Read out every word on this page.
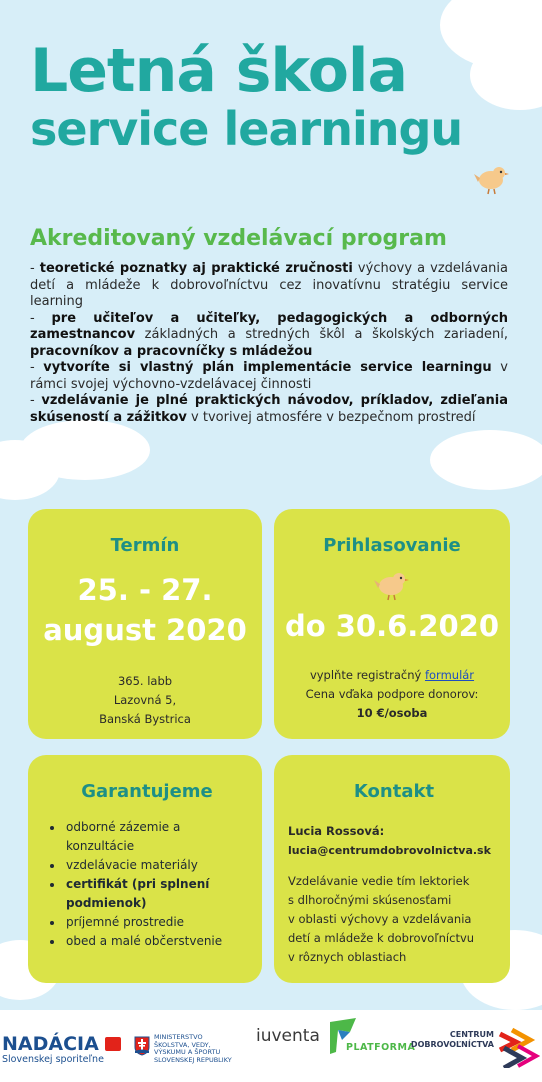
Letná škola
service learningu
Akreditovaný vzdelávací program

- teoretické poznatky aj praktické zručnosti výchovy a vzdelávania detí a mládeže k dobrovoľníctvu cez inovatívnu stratégiu service learning

- pre učiteľov a učiteľky, pedagogických a odborných zamestnancov základných a stredných škôl a školských zariadení, pracovníkov a pracovníčky s mládežou

- vytvoríte si vlastný plán implementácie service learningu v rámci svojej výchovno-vzdelávacej činnosti

- vzdelávanie je plné praktických návodov, príkladov, zdieľania skúseností a zážitkov v tvorivej atmosfére v bezpečnom prostredí

Termín
25. - 27.
august 2020
365. labb
Lazovná 5,
Banská Bystrica
Prihlasovanie
do 30.6.2020
vyplňte registračný formulár
Cena vďaka podpore donorov:
10 €/osoba
Garantujeme
• odborné zázemie a konzultácie
• vzdelávacie materiály
• certifikát (pri splnení podmienok)
• príjemné prostredie
• obed a malé občerstvenie
Kontakt
Lucia Rossová:
lucia@centrumdobrovolnictva.sk
Vzdelávanie vedie tím lektoriek
s dlhoročnými skúsenosťami
v oblasti výchovy a vzdelávania
detí a mládeže k dobrovoľníctvu
v rôznych oblastiach
NADÁCIA
Slovenskej sporiteľne
MINISTERSTVO
ŠKOLSTVA, VEDY,
VÝSKUMU A ŠPORTU
SLOVENSKEJ REPUBLIKY
iuventa
PLATFORMA
CENTRUM
DOBROVOĽNÍCTVA
